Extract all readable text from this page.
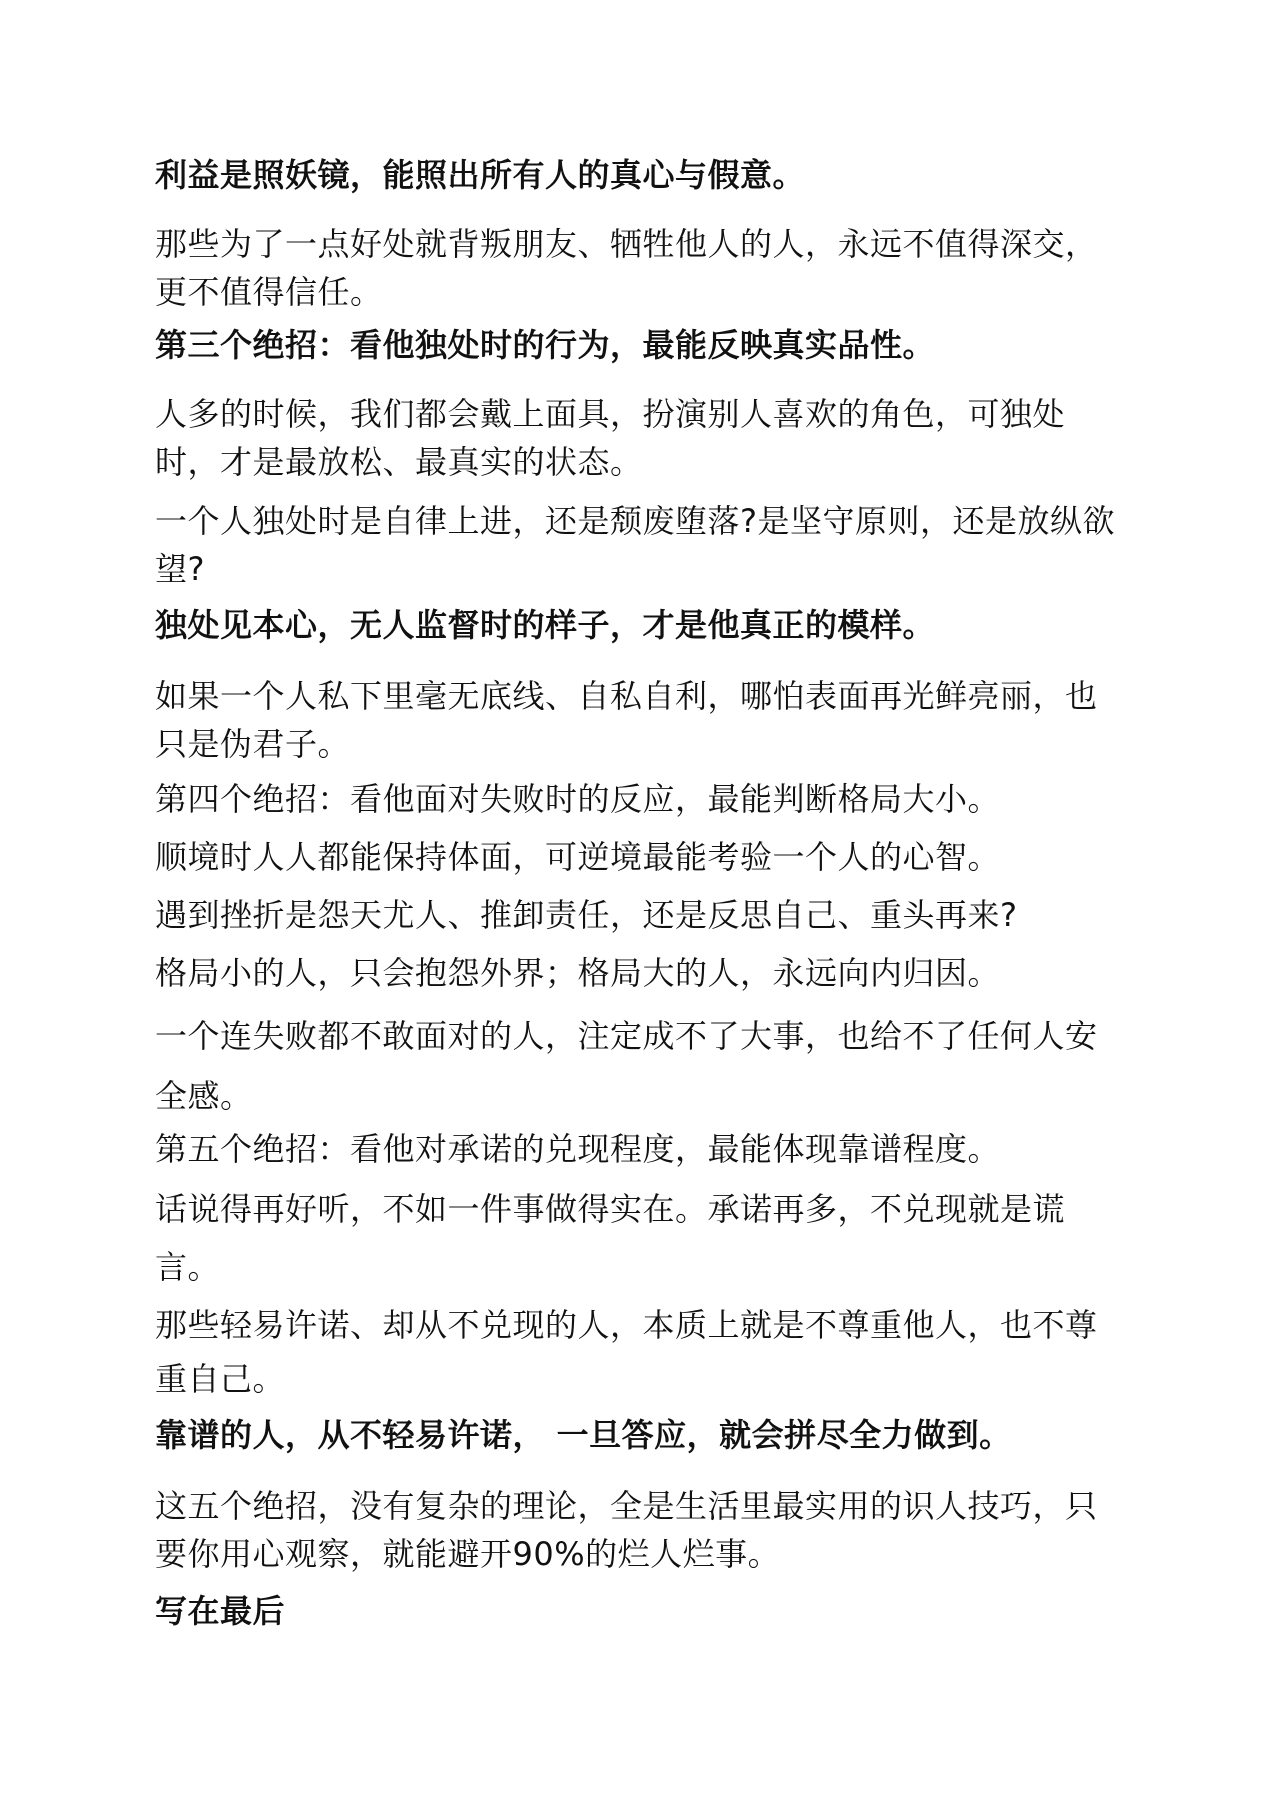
利益是照妖镜，能照出所有人的真心与假意。

那些为了一点好处就背叛朋友、牺牲他人的人，永远不值得深交，更不值得信任。

第三个绝招：看他独处时的行为，最能反映真实品性。

人多的时候，我们都会戴上面具，扮演别人喜欢的角色，可独处时，才是最放松、最真实的状态。

一个人独处时是自律上进，还是颓废堕落?是坚守原则，还是放纵欲望?

独处见本心，无人监督时的样子，才是他真正的模样。

如果一个人私下里毫无底线、自私自利，哪怕表面再光鲜亮丽，也只是伪君子。

第四个绝招：看他面对失败时的反应，最能判断格局大小。

顺境时人人都能保持体面，可逆境最能考验一个人的心智。

遇到挫折是怨天尤人、推卸责任，还是反思自己、重头再来?

格局小的人，只会抱怨外界；格局大的人，永远向内归因。

一个连失败都不敢面对的人，注定成不了大事，也给不了任何人安全感。

第五个绝招：看他对承诺的兑现程度，最能体现靠谱程度。

话说得再好听，不如一件事做得实在。承诺再多，不兑现就是谎言。

那些轻易许诺、却从不兑现的人，本质上就是不尊重他人，也不尊重自己。

靠谱的人，从不轻易许诺， 一旦答应，就会拼尽全力做到。

这五个绝招，没有复杂的理论，全是生活里最实用的识人技巧，只要你用心观察，就能避开90%的烂人烂事。

写在最后
